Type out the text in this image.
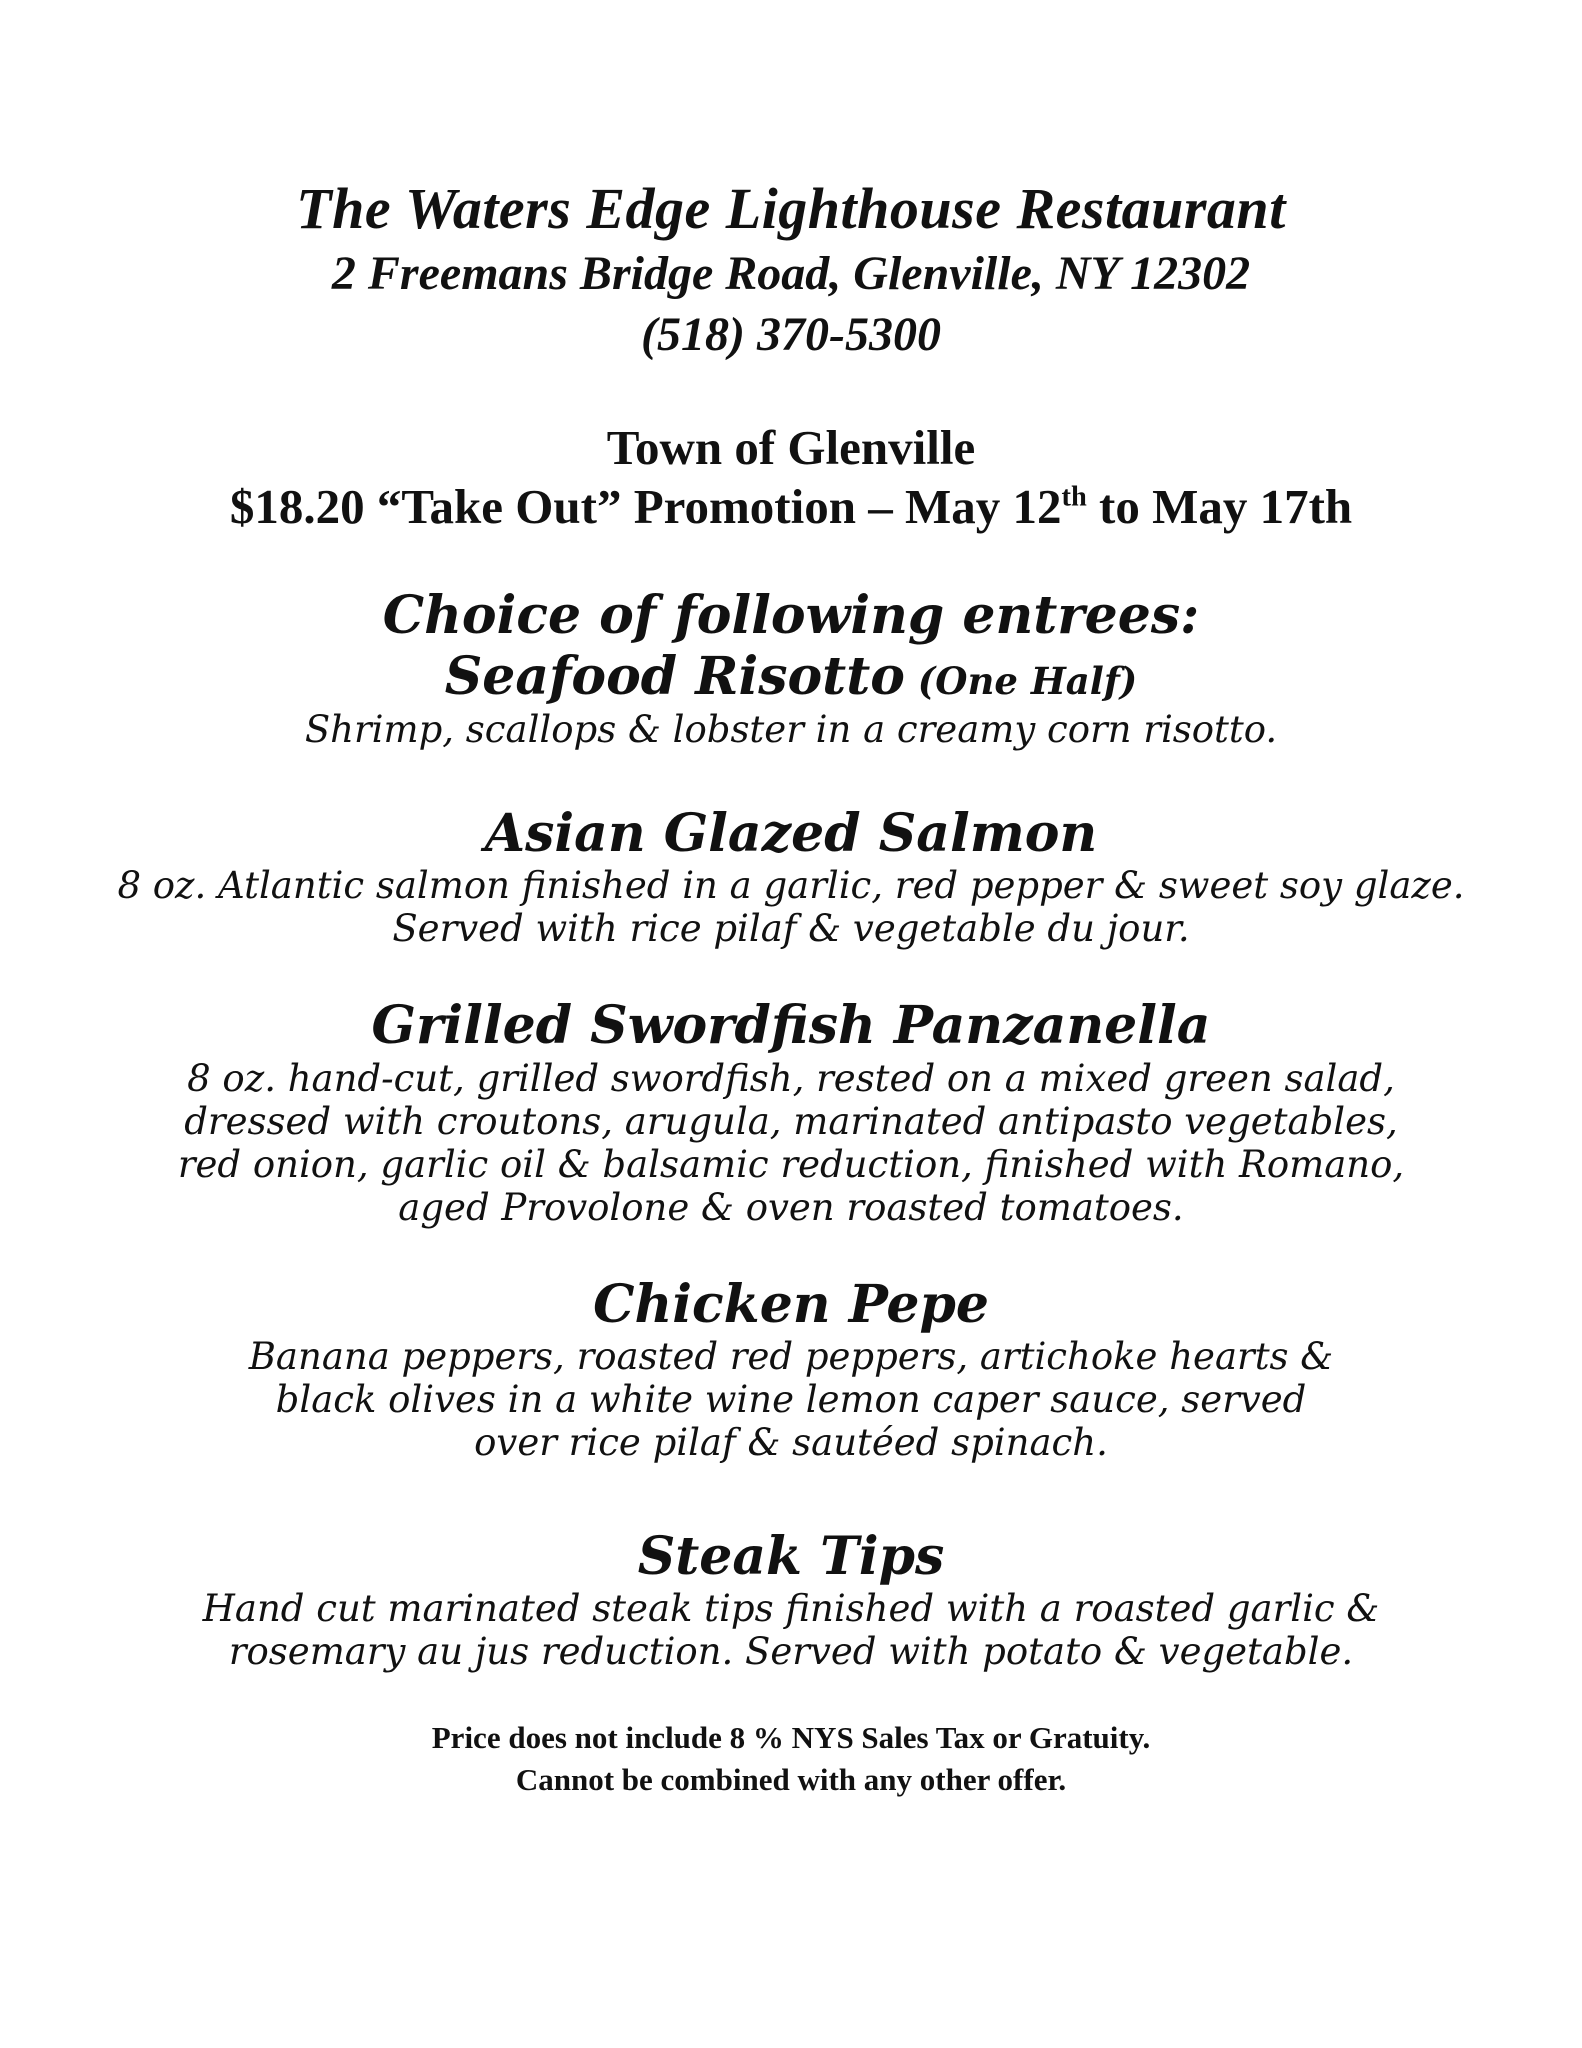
The Waters Edge Lighthouse Restaurant
2 Freemans Bridge Road, Glenville, NY 12302
(518) 370-5300
Town of Glenville
$18.20 “Take Out” Promotion – May 12th to May 17th
Choice of following entrees:
Seafood Risotto (One Half)

Shrimp, scallops & lobster in a creamy corn risotto.

Asian Glazed Salmon

8 oz. Atlantic salmon finished in a garlic, red pepper & sweet soy glaze.

Served with rice pilaf & vegetable du jour.

Grilled Swordfish Panzanella

8 oz. hand-cut, grilled swordfish, rested on a mixed green salad,

dressed with croutons, arugula, marinated antipasto vegetables,

red onion, garlic oil & balsamic reduction, finished with Romano,

aged Provolone & oven roasted tomatoes.

Chicken Pepe

Banana peppers, roasted red peppers, artichoke hearts &

black olives in a white wine lemon caper sauce, served

over rice pilaf & sautéed spinach.

Steak Tips

Hand cut marinated steak tips finished with a roasted garlic &

rosemary au jus reduction. Served with potato & vegetable.

Price does not include 8 % NYS Sales Tax or Gratuity.
Cannot be combined with any other offer.
